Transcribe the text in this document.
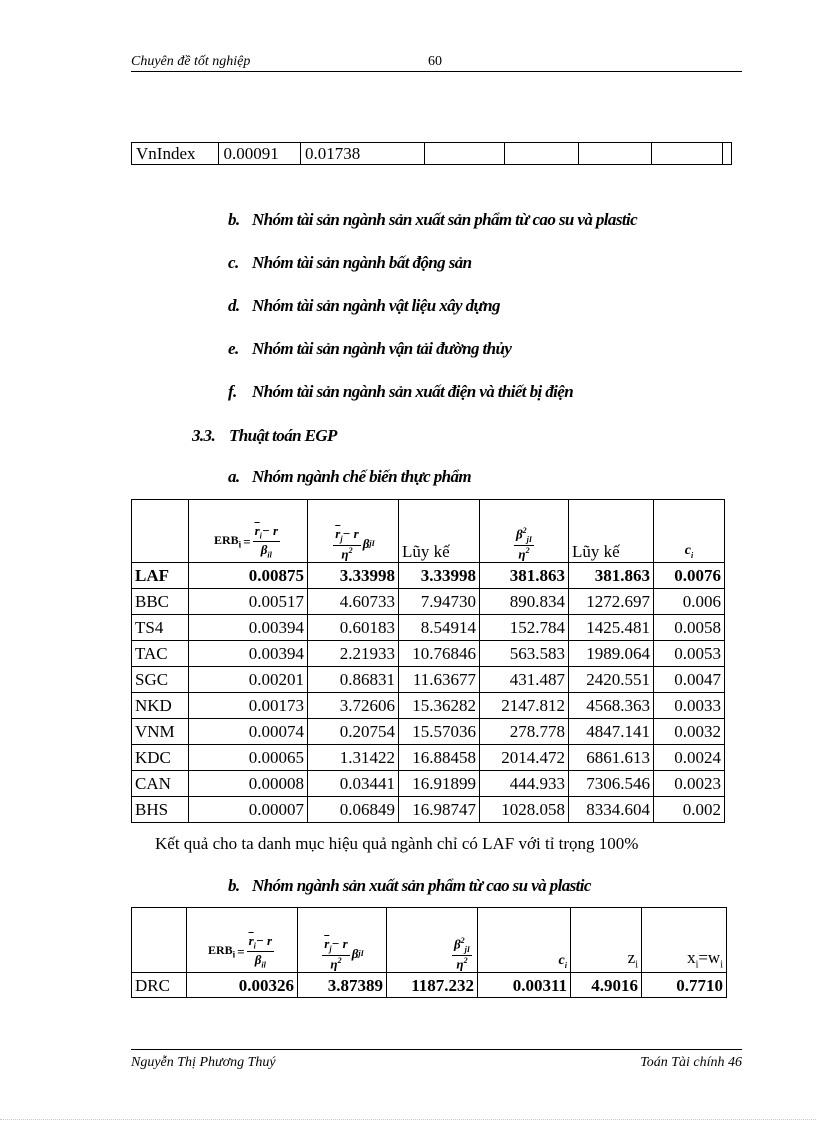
Chuyên đề tốt nghiệp	60
VnIndex	0.00091	0.01738					
b. Nhóm tài sản ngành sản xuất sản phẩm từ cao su và plastic
c. Nhóm tài sản ngành bất động sản
d. Nhóm tài sản ngành vật liệu xây dựng
e. Nhóm tài sản ngành vận tải đường thủy
f. Nhóm tài sản ngành sản xuất điện và thiết bị điện
3.3. Thuật toán EGP
a. Nhóm ngành chế biến thực phẩm

	$ERB_i = \frac{\overline{r}_i- r}{\beta_{il}}$	$\frac{\overline{r}_j- r}{\eta^2}$ β jI	Lũy kế	$\frac{\beta^2_{jI}}{\eta^2}$	Lũy kế	$c_i$
LAF	0.00875	3.33998	3.33998	381.863	381.863	0.0076
BBC	0.00517	4.60733	7.94730	890.834	1272.697	0.006
TS4	0.00394	0.60183	8.54914	152.784	1425.481	0.0058
TAC	0.00394	2.21933	10.76846	563.583	1989.064	0.0053
SGC	0.00201	0.86831	11.63677	431.487	2420.551	0.0047
NKD	0.00173	3.72606	15.36282	2147.812	4568.363	0.0033
VNM	0.00074	0.20754	15.57036	278.778	4847.141	0.0032
KDC	0.00065	1.31422	16.88458	2014.472	6861.613	0.0024
CAN	0.00008	0.03441	16.91899	444.933	7306.546	0.0023
BHS	0.00007	0.06849	16.98747	1028.058	8334.604	0.002
Kết quả cho ta danh mục hiệu quả ngành chỉ có LAF với tỉ trọng 100%
b. Nhóm ngành sản xuất sản phẩm từ cao su và plastic

	$ERB_i = \frac{\overline{r}_i- r}{\beta_{il}}$	$\frac{\overline{r}_j- r}{\eta^2}$ β jI	$\frac{\beta^2_{jI}}{\eta^2}$	$c_i$	$z_i$	$x_i=w_i$
DRC	0.00326	3.87389	1187.232	0.00311	4.9016	0.7710
Nguyễn Thị Phương Thuý	Toán Tài chính 46
